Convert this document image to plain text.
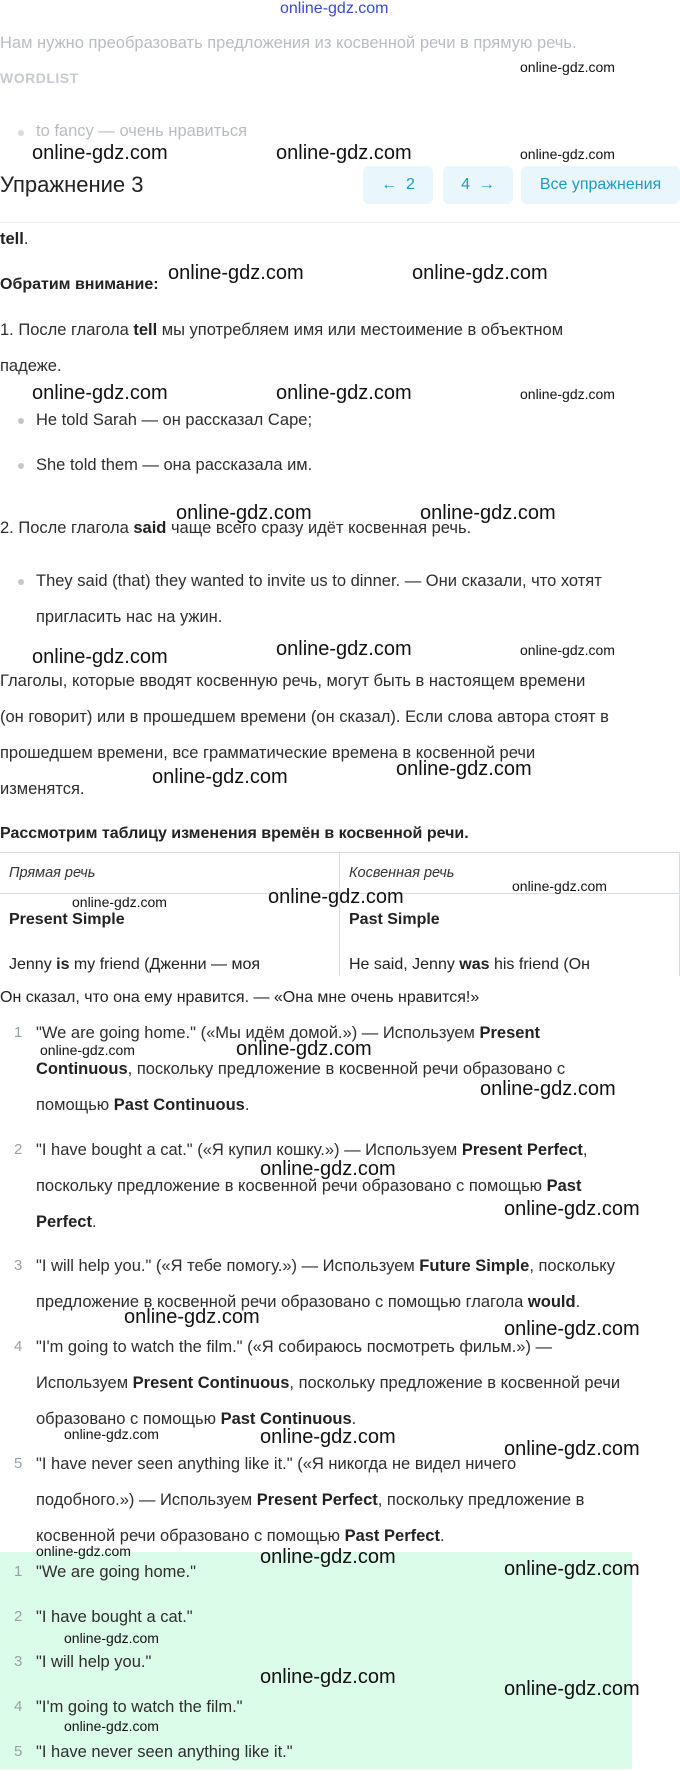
online-gdz.com
Нам нужно преобразовать предложения из косвенной речи в прямую речь.
WORDLIST
to fancy — очень нравиться
Упражнение 3	← 2	4 →	Все упражнения
tell.
Обратим внимание:
1. После глагола tell мы употребляем имя или местоимение в объектном
падеже.
He told Sarah — он рассказал Саре;
She told them — она рассказала им.
2. После глагола said чаще всего сразу идёт косвенная речь.
They said (that) they wanted to invite us to dinner. — Они сказали, что хотят
пригласить нас на ужин.
Глаголы, которые вводят косвенную речь, могут быть в настоящем времени
(он говорит) или в прошедшем времени (он сказал). Если слова автора стоят в
прошедшем времени, все грамматические времена в косвенной речи
изменятся.
Рассмотрим таблицу изменения времён в косвенной речи.
Прямая речь	Косвенная речь
Present Simple	Past Simple
Jenny is my friend (Дженни — моя	He said, Jenny was his friend (Он
Он сказал, что она ему нравится. — «Она мне очень нравится!»
1 "We are going home." («Мы идём домой.») — Используем Present
Continuous, поскольку предложение в косвенной речи образовано с
помощью Past Continuous.
2 "I have bought a cat." («Я купил кошку.») — Используем Present Perfect,
поскольку предложение в косвенной речи образовано с помощью Past
Perfect.
3 "I will help you." («Я тебе помогу.») — Используем Future Simple, поскольку
предложение в косвенной речи образовано с помощью глагола would.
4 "I'm going to watch the film." («Я собираюсь посмотреть фильм.») —
Используем Present Continuous, поскольку предложение в косвенной речи
образовано с помощью Past Continuous.
5 "I have never seen anything like it." («Я никогда не видел ничего
подобного.») — Используем Present Perfect, поскольку предложение в
косвенной речи образовано с помощью Past Perfect.
1 "We are going home."
2 "I have bought a cat."
3 "I will help you."
4 "I'm going to watch the film."
5 "I have never seen anything like it."
online-gdz.com
online-gdz.com	online-gdz.com	online-gdz.com
online-gdz.com	online-gdz.com
online-gdz.com	online-gdz.com	online-gdz.com
online-gdz.com	online-gdz.com
online-gdz.com	online-gdz.com	online-gdz.com
online-gdz.com	online-gdz.com
online-gdz.com	online-gdz.com	online-gdz.com
online-gdz.com	online-gdz.com
online-gdz.com
online-gdz.com
online-gdz.com
online-gdz.com
online-gdz.com
online-gdz.com	online-gdz.com
online-gdz.com
online-gdz.com	online-gdz.com
online-gdz.com
online-gdz.com
online-gdz.com
online-gdz.com
online-gdz.com
